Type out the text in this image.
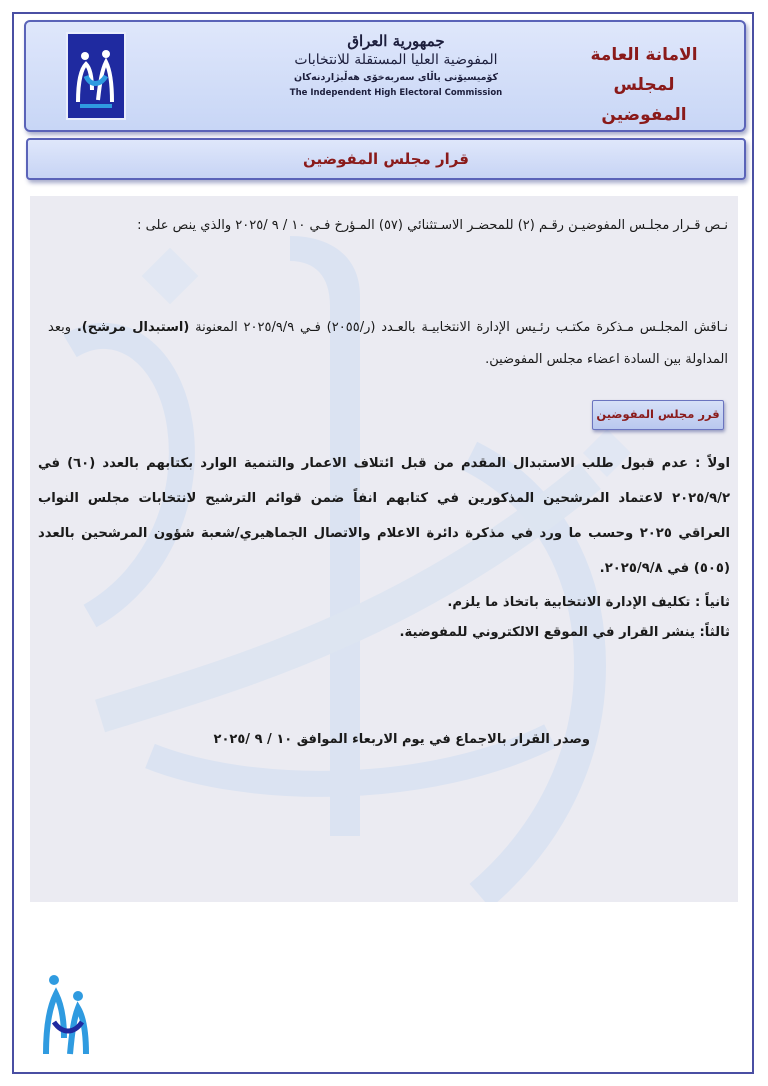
جمهورية العراق
المفوضية العليا المستقلة للانتخابات
كۆمیسیۆنی باڵای سەربەخۆی هەڵبژاردنەکان
The Independent High Electoral Commission
الامانة العامة
لمجلس المفوضين
قرار مجلس المفوضين
نـص قـرار مجلـس المفوضيـن رقـم (٢) للمحضـر الاسـتثنائي (٥٧) المـؤرخ فـي ١٠ / ٩ /٢٠٢٥ والذي ينص على :
نـاقش المجلـس مـذكرة مكتـب رئـيس الإدارة الانتخابيـة بالعـدد (ر/٢٠٥٥) فـي ٢٠٢٥/٩/٩ المعنونة (استبدال مرشح). وبعد المداولة بين السادة اعضاء مجلس المفوضين.
قرر مجلس المفوضين
اولاً : عدم قبول طلب الاستبدال المقدم من قبل ائتلاف الاعمار والتنمية الوارد بكتابهم بالعدد (٦٠) في ٢٠٢٥/٩/٢ لاعتماد المرشحين المذكورين في كتابهم انفاً ضمن قوائم الترشيح لانتخابات مجلس النواب العراقي ٢٠٢٥ وحسب ما ورد في مذكرة دائرة الاعلام والاتصال الجماهيري/شعبة شؤون المرشحين بالعدد (٥٠٥) في ٢٠٢٥/٩/٨.
ثانياً : تكليف الإدارة الانتخابية باتخاذ ما يلزم.
ثالثاً: ينشر القرار في الموقع الالكتروني للمفوضية.
وصدر القرار بالاجماع في يوم الاربعاء الموافق ١٠ / ٩ /٢٠٢٥
